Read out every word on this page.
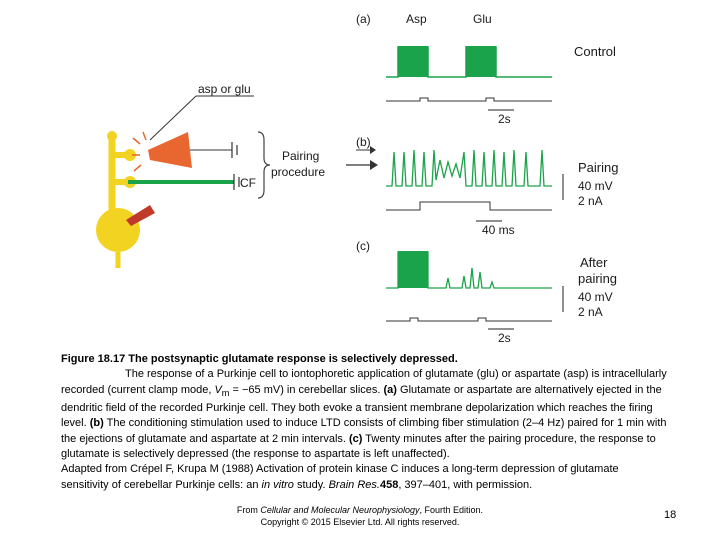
asp or glu
Pairing
procedure
CF
(a)
(b)
(c)
Asp	Glu
Control
2s
Pairing
40 mV
2 nA
40 ms
After
pairing
40 mV
2 nA
2s

Figure 18.17 The postsynaptic glutamate response is selectively depressed.

The response of a Purkinje cell to iontophoretic application of glutamate (glu) or aspartate (asp) is intracellularly recorded (current clamp mode, $V_m = -65$ mV) in cerebellar slices. (a) Glutamate or aspartate are alternatively ejected in the dendritic field of the recorded Purkinje cell. They both evoke a transient membrane depolarization which reaches the firing level. (b) The conditioning stimulation used to induce LTD consists of climbing fiber stimulation (2–4 Hz) paired for 1 min with the ejections of glutamate and aspartate at 2 min intervals. (c) Twenty minutes after the pairing procedure, the response to glutamate is selectively depressed (the response to aspartate is left unaffected).

Adapted from Crépel F, Krupa M (1988) Activation of protein kinase C induces a long-term depression of glutamate sensitivity of cerebellar Purkinje cells: an in vitro study. Brain Res.458, 397–401, with permission.

From Cellular and Molecular Neurophysiology, Fourth Edition.
Copyright © 2015 Elsevier Ltd. All rights reserved.
18
